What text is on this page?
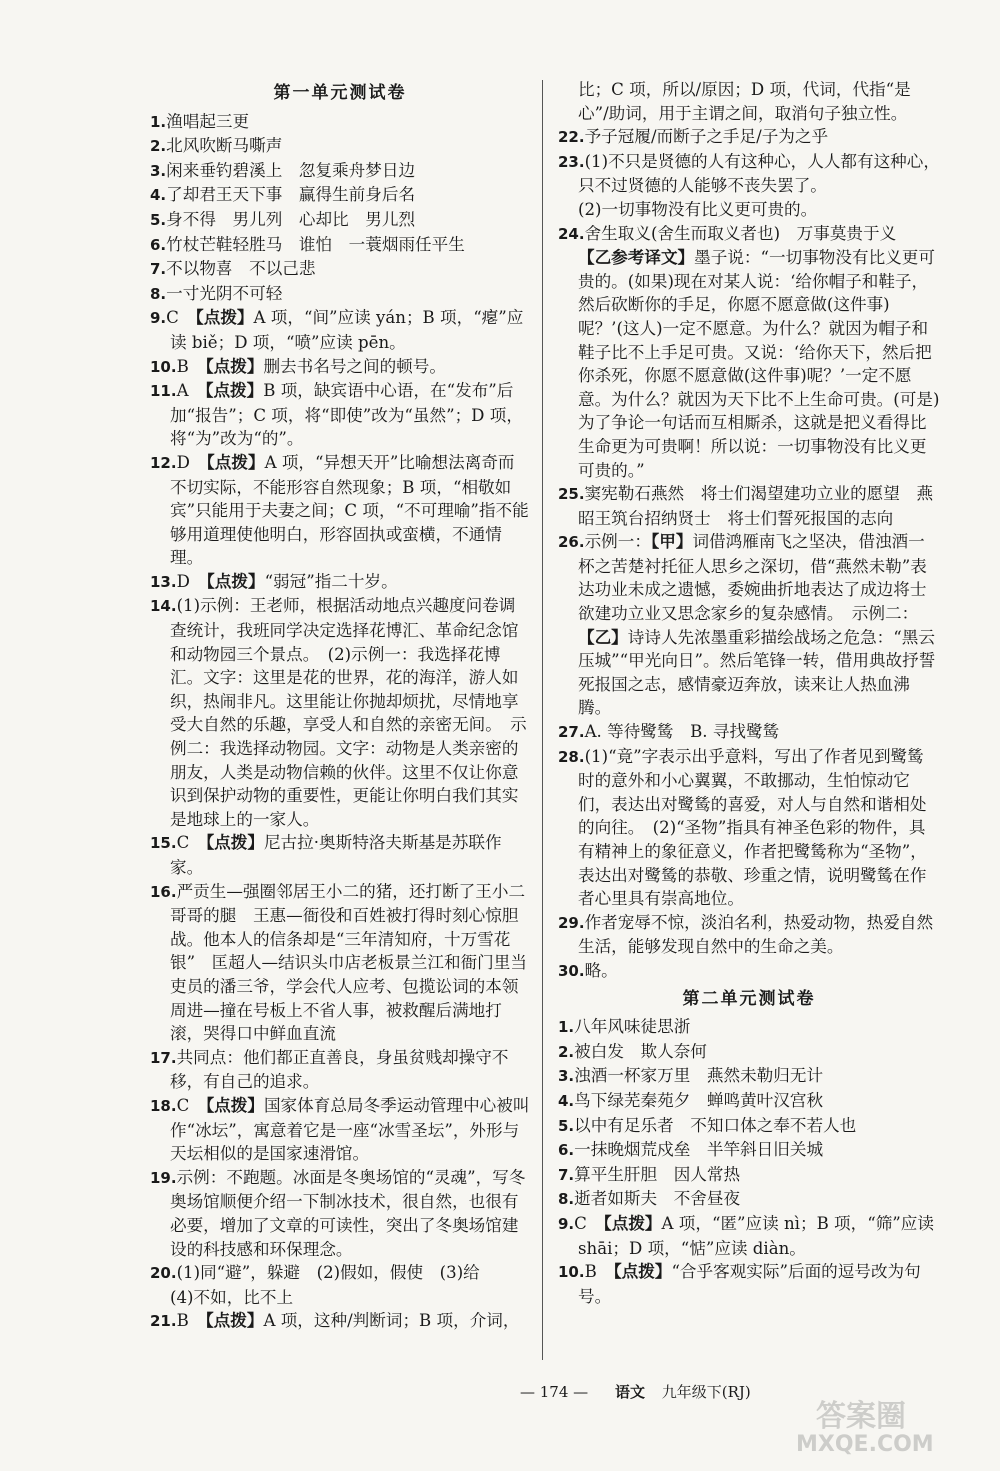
第一单元测试卷
1.渔唱起三更
2.北风吹断马嘶声
3.闲来垂钓碧溪上　忽复乘舟梦日边
4.了却君王天下事　赢得生前身后名
5.身不得　男儿列　心却比　男儿烈
6.竹杖芒鞋轻胜马　谁怕　一蓑烟雨任平生
7.不以物喜　不以己悲
8.一寸光阴不可轻
9.C　【点拨】A 项，“间”应读 yán；B 项，“瘪”应读 biě；D 项，“喷”应读 pēn。
10.B　【点拨】删去书名号之间的顿号。
11.A　【点拨】B 项，缺宾语中心语，在“发布”后加“报告”；C 项，将“即使”改为“虽然”；D 项，将“为”改为“的”。
12.D　【点拨】A 项，“异想天开”比喻想法离奇而不切实际，不能形容自然现象；B 项，“相敬如宾”只能用于夫妻之间；C 项，“不可理喻”指不能够用道理使他明白，形容固执或蛮横，不通情理。
13.D　【点拨】“弱冠”指二十岁。
14.(1)示例：王老师，根据活动地点兴趣度问卷调查统计，我班同学决定选择花博汇、革命纪念馆和动物园三个景点。　(2)示例一：我选择花博汇。文字：这里是花的世界，花的海洋，游人如织，热闹非凡。这里能让你抛却烦扰，尽情地享受大自然的乐趣，享受人和自然的亲密无间。　示例二：我选择动物园。文字：动物是人类亲密的朋友，人类是动物信赖的伙伴。这里不仅让你意识到保护动物的重要性，更能让你明白我们其实是地球上的一家人。
15.C　【点拨】尼古拉·奥斯特洛夫斯基是苏联作家。
16.严贡生—强圈邻居王小二的猪，还打断了王小二哥哥的腿　王惠—衙役和百姓被打得时刻心惊胆战。他本人的信条却是“三年清知府，十万雪花银”　匡超人—结识头巾店老板景兰江和衙门里当吏员的潘三爷，学会代人应考、包揽讼词的本领　周进—撞在号板上不省人事，被救醒后满地打滚，哭得口中鲜血直流
17.共同点：他们都正直善良，身虽贫贱却操守不移，有自己的追求。
18.C　【点拨】国家体育总局冬季运动管理中心被叫作“冰坛”，寓意着它是一座“冰雪圣坛”，外形与天坛相似的是国家速滑馆。
19.示例：不跑题。冰面是冬奥场馆的“灵魂”，写冬奥场馆顺便介绍一下制冰技术，很自然，也很有必要，增加了文章的可读性，突出了冬奥场馆建设的科技感和环保理念。
20.(1)同“避”，躲避　(2)假如，假使　(3)给
(4)不如，比不上
21.B　【点拨】A 项，这种/判断词；B 项，介词，
比；C 项，所以/原因；D 项，代词，代指“是心”/助词，用于主谓之间，取消句子独立性。
22.予子冠履/而断子之手足/子为之乎
23.(1)不只是贤德的人有这种心，人人都有这种心，只不过贤德的人能够不丧失罢了。
(2)一切事物没有比义更可贵的。
24.舍生取义(舍生而取义者也)　万事莫贵于义
【乙参考译文】墨子说：“一切事物没有比义更可贵的。(如果)现在对某人说：‘给你帽子和鞋子，然后砍断你的手足，你愿不愿意做(这件事)呢？’(这人)一定不愿意。为什么？就因为帽子和鞋子比不上手足可贵。又说：‘给你天下，然后把你杀死，你愿不愿意做(这件事)呢？’一定不愿意。为什么？就因为天下比不上生命可贵。(可是)为了争论一句话而互相厮杀，这就是把义看得比生命更为可贵啊！所以说：一切事物没有比义更可贵的。”
25.窦宪勒石燕然　将士们渴望建功立业的愿望　燕昭王筑台招纳贤士　将士们誓死报国的志向
26.示例一：【甲】词借鸿雁南飞之坚决，借浊酒一杯之苦楚衬托征人思乡之深切，借“燕然未勒”表达功业未成之遗憾，委婉曲折地表达了成边将士欲建功立业又思念家乡的复杂感情。　示例二：【乙】诗诗人先浓墨重彩描绘战场之危急：“黑云压城”“甲光向日”。然后笔锋一转，借用典故抒誓死报国之志，感情豪迈奔放，读来让人热血沸腾。
27.A. 等待鹭鸶　B. 寻找鹭鸶
28.(1)“竟”字表示出乎意料，写出了作者见到鹭鸶时的意外和小心翼翼，不敢挪动，生怕惊动它们，表达出对鹭鸶的喜爱，对人与自然和谐相处的向往。　(2)“圣物”指具有神圣色彩的物件，具有精神上的象征意义，作者把鹭鸶称为“圣物”，表达出对鹭鸶的恭敬、珍重之情，说明鹭鸶在作者心里具有崇高地位。
29.作者宠辱不惊，淡泊名利，热爱动物，热爱自然生活，能够发现自然中的生命之美。
30.略。
第二单元测试卷
1.八年风味徒思浙
2.被白发　欺人奈何
3.浊酒一杯家万里　燕然未勒归无计
4.鸟下绿芜秦苑夕　蝉鸣黄叶汉宫秋
5.以中有足乐者　不知口体之奉不若人也
6.一抹晚烟荒戍垒　半竿斜日旧关城
7.算平生肝胆　因人常热
8.逝者如斯夫　不舍昼夜
9.C　【点拨】A 项，“匿”应读 nì；B 项，“筛”应读 shāi；D 项，“惦”应读 diàn。
10.B　【点拨】“合乎客观实际”后面的逗号改为句号。
— 174 — 语文 九年级下(RJ)
答案圈
MXQE.COM
